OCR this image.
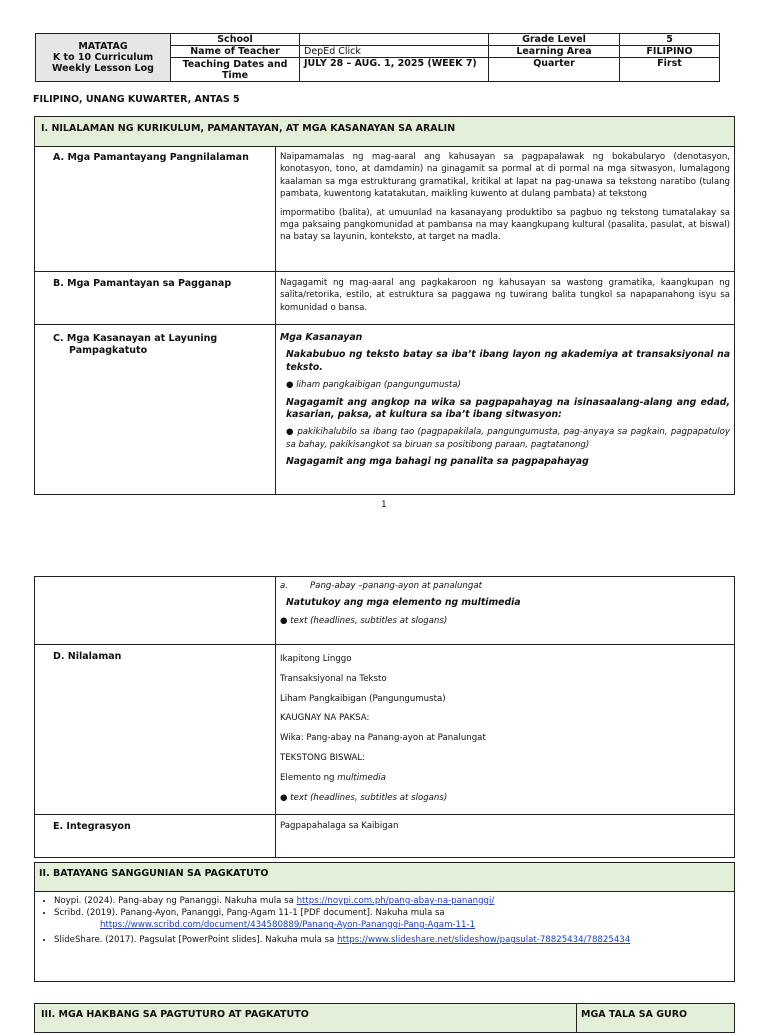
MATATAG
K to 10 Curriculum
Weekly Lesson Log	School		Grade Level	5
	Name of Teacher	DepEd Click	Learning Area	FILIPINO
	Teaching Dates and Time	JULY 28 – AUG. 1, 2025 (WEEK 7)	Quarter	First
FILIPINO, UNANG KUWARTER, ANTAS 5
I. NILALAMAN NG KURIKULUM, PAMANTAYAN, AT MGA KASANAYAN SA ARALIN
A. Mga Pamantayang Pangnilalaman	Naipamamalas ng mag-aaral ang kahusayan sa pagpapalawak ng bokabularyo (denotasyon, konotasyon, tono, at damdamin) na ginagamit sa pormal at di pormal na mga sitwasyon, lumalagong kaalaman sa mga estrukturang gramatikal, kritikal at lapat na pag-unawa sa tekstong naratibo (tulang pambata, kuwentong katatakutan, maikling kuwento at dulang pambata) at tekstong

impormatibo (balita), at umuunlad na kasanayang produktibo sa pagbuo ng tekstong tumatalakay sa mga paksaing pangkomunidad at pambansa na may kaangkupang kultural (pasalita, pasulat, at biswal) na batay sa layunin, konteksto, at target na madla.

B. Mga Pamantayan sa Pagganap	Nagagamit ng mag-aaral ang pagkakaroon ng kahusayan sa wastong gramatika, kaangkupan ng salita/retorika, estilo, at estruktura sa paggawa ng tuwirang balita tungkol sa napapanahong isyu sa komunidad o bansa.
C. Mga Kasanayan at Layuning
Pampagkatuto

Mga Kasanayan

Nakabubuo ng teksto batay sa iba’t ibang layon ng akademiya at transaksiyonal na teksto.

● liham pangkaibigan (pangungumusta)

Nagagamit ang angkop na wika sa pagpapahayag na isinasaalang-alang ang edad, kasarian, paksa, at kultura sa iba’t ibang sitwasyon:

● pakikihalubilo sa ibang tao (pagpapakilala, pangungumusta, pag-anyaya sa pagkain, pagpapatuloy sa bahay, pakikisangkot sa biruan sa positibong paraan, pagtatanong)

Nagagamit ang mga bahagi ng panalita sa pagpapahayag

1

a.	Pang-abay –panang-ayon at panalungat

Natutukoy ang mga elemento ng multimedia

● text (headlines, subtitles at slogans)

D. Nilalaman	Ikapitong Linggo

Transaksiyonal na Teksto

Liham Pangkaibigan (Pangungumusta)

KAUGNAY NA PAKSA:

Wika: Pang-abay na Panang-ayon at Panalungat

TEKSTONG BISWAL:

Elemento ng multimedia

● text (headlines, subtitles at slogans)

E. Integrasyon	Pagpapahalaga sa Kaibigan
II. BATAYANG SANGGUNIAN SA PAGKATUTO
• Noypi. (2024). Pang-abay ng Pananggi. Nakuha mula sa https://noypi.com.ph/pang-abay-na-pananggi/
• Scribd. (2019). Panang-Ayon, Pananggi, Pang-Agam 11-1 [PDF document]. Nakuha mula sa
https://www.scribd.com/document/434580889/Panang-Ayon-Pananggi-Pang-Agam-11-1
• SlideShare. (2017). Pagsulat [PowerPoint slides]. Nakuha mula sa https://www.slideshare.net/slideshow/pagsulat-78825434/78825434
III. MGA HAKBANG SA PAGTUTURO AT PAGKATUTO	MGA TALA SA GURO
